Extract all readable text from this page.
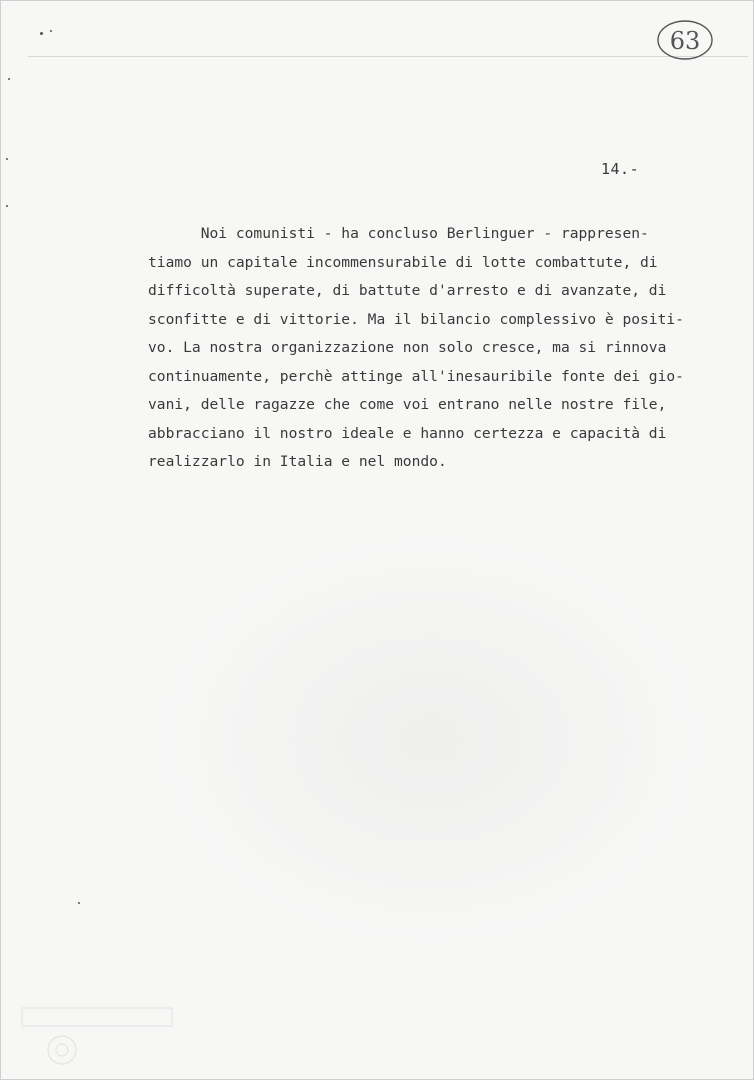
63
14.-
Noi comunisti - ha concluso Berlinguer - rappresen-
tiamo un capitale incommensurabile di lotte combattute, di
difficoltà superate, di battute d'arresto e di avanzate, di
sconfitte e di vittorie. Ma il bilancio complessivo è positi-
vo. La nostra organizzazione non solo cresce, ma si rinnova
continuamente, perchè attinge all'inesauribile fonte dei gio-
vani, delle ragazze che come voi entrano nelle nostre file,
abbracciano il nostro ideale e hanno certezza e capacità di
realizzarlo in Italia e nel mondo.
